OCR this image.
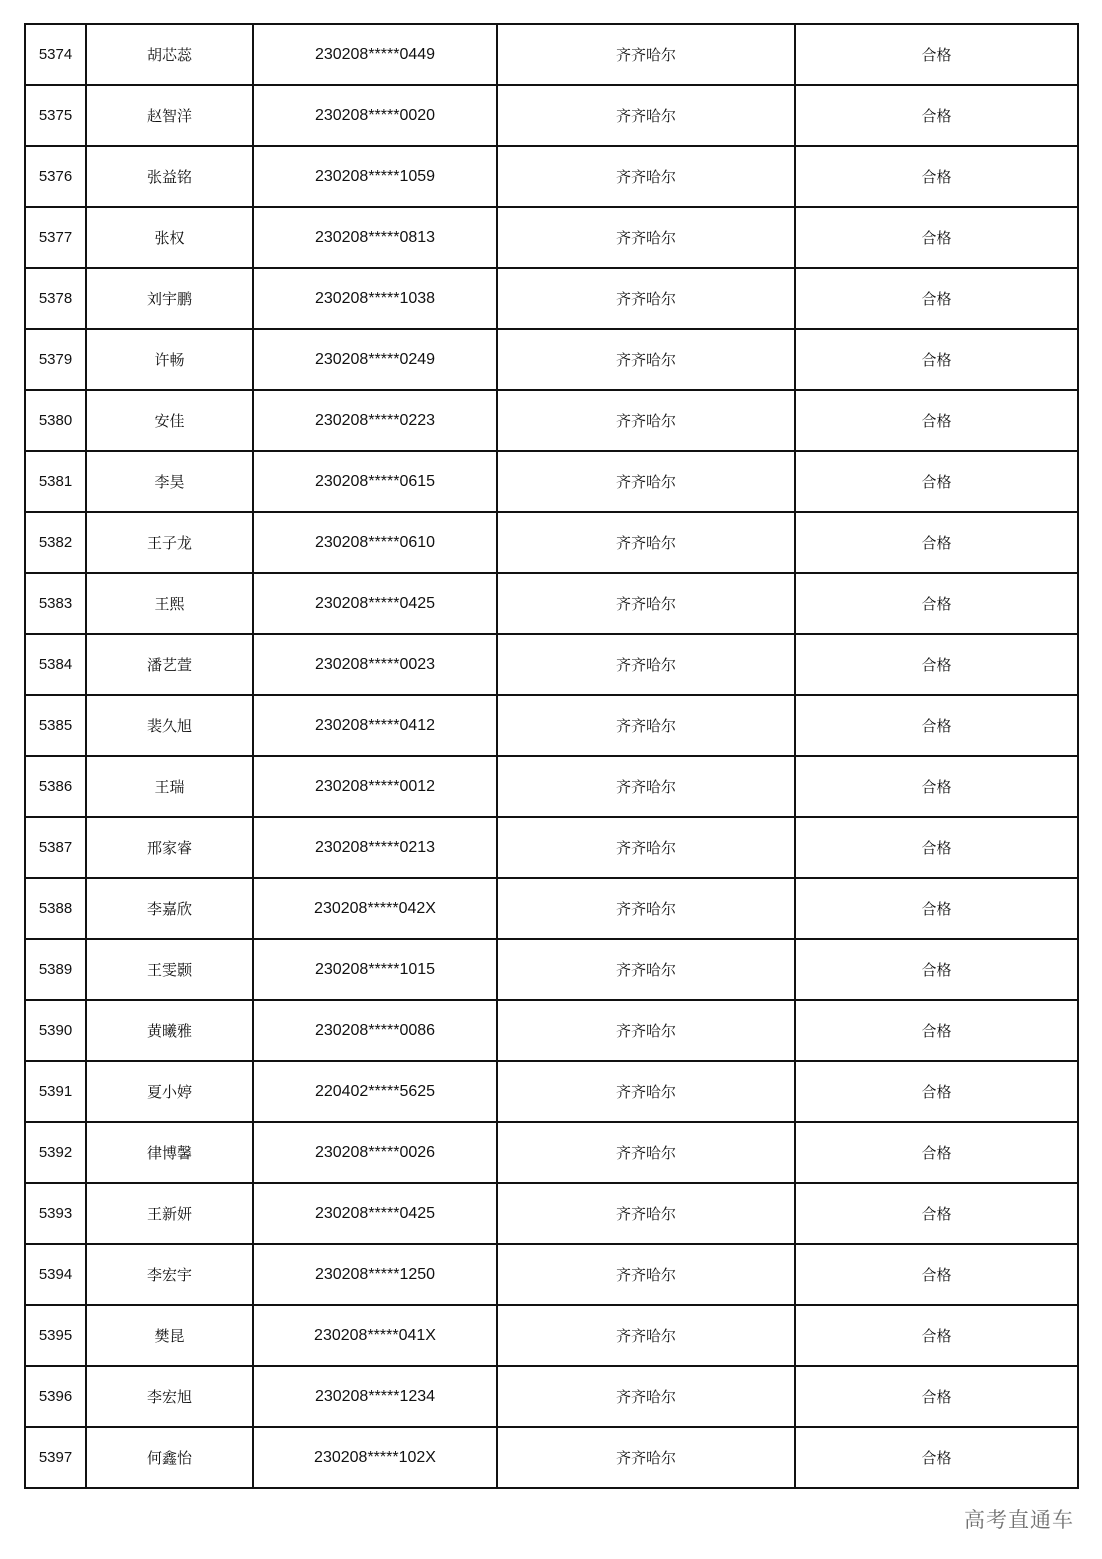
5374	胡芯蕊	230208*****0449	齐齐哈尔	合格
5375	赵智洋	230208*****0020	齐齐哈尔	合格
5376	张益铭	230208*****1059	齐齐哈尔	合格
5377	张权	230208*****0813	齐齐哈尔	合格
5378	刘宇鹏	230208*****1038	齐齐哈尔	合格
5379	许畅	230208*****0249	齐齐哈尔	合格
5380	安佳	230208*****0223	齐齐哈尔	合格
5381	李昊	230208*****0615	齐齐哈尔	合格
5382	王子龙	230208*****0610	齐齐哈尔	合格
5383	王熙	230208*****0425	齐齐哈尔	合格
5384	潘艺萱	230208*****0023	齐齐哈尔	合格
5385	裴久旭	230208*****0412	齐齐哈尔	合格
5386	王瑞	230208*****0012	齐齐哈尔	合格
5387	邢家睿	230208*****0213	齐齐哈尔	合格
5388	李嘉欣	230208*****042X	齐齐哈尔	合格
5389	王雯颢	230208*****1015	齐齐哈尔	合格
5390	黄曦雅	230208*****0086	齐齐哈尔	合格
5391	夏小婷	220402*****5625	齐齐哈尔	合格
5392	律博馨	230208*****0026	齐齐哈尔	合格
5393	王新妍	230208*****0425	齐齐哈尔	合格
5394	李宏宇	230208*****1250	齐齐哈尔	合格
5395	樊昆	230208*****041X	齐齐哈尔	合格
5396	李宏旭	230208*****1234	齐齐哈尔	合格
5397	何鑫怡	230208*****102X	齐齐哈尔	合格
高考直通车
